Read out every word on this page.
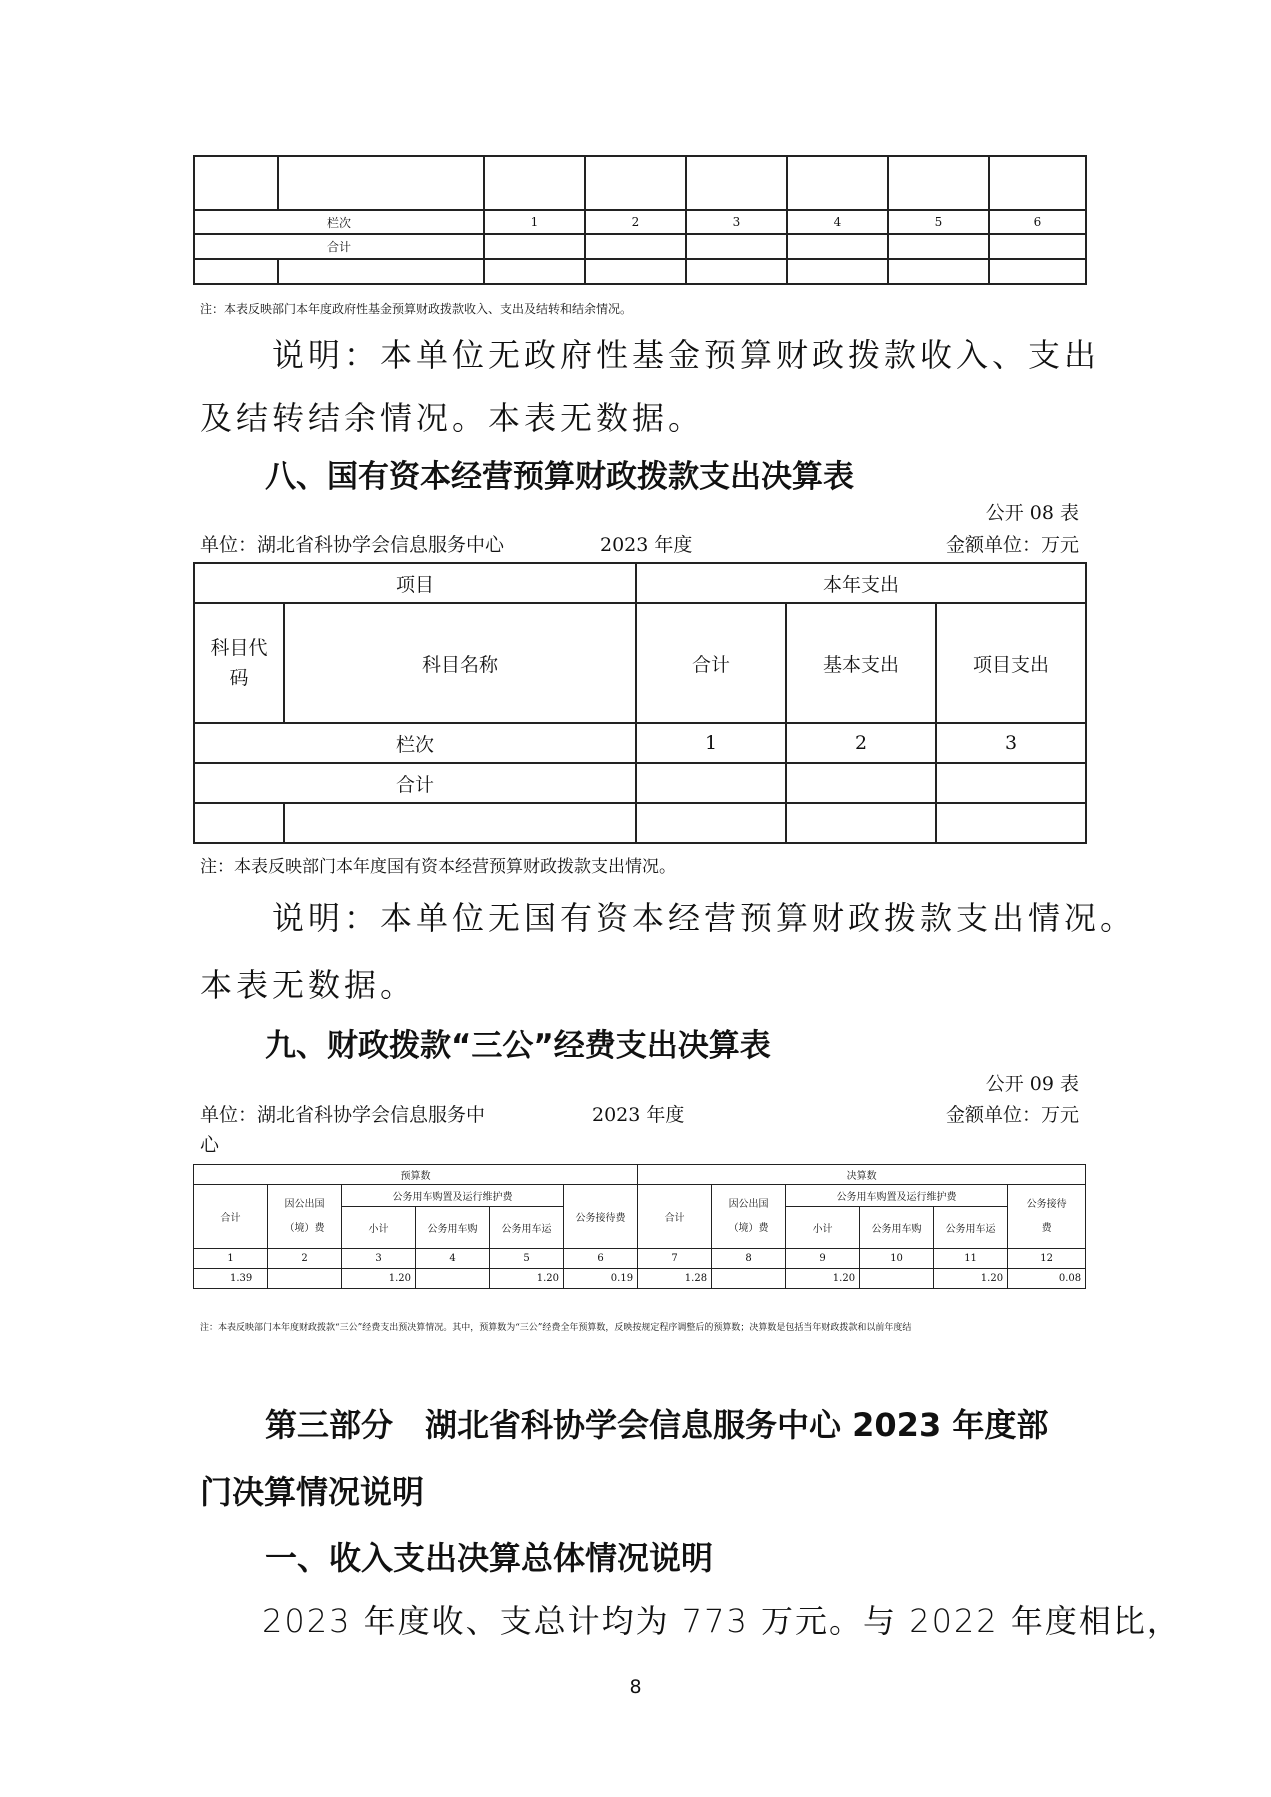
栏次		1	2	3	4	5	6
合计							

注：本表反映部门本年度政府性基金预算财政拨款收入、支出及结转和结余情况。
说明：本单位无政府性基金预算财政拨款收入、支出
及结转结余情况。本表无数据。
八、国有资本经营预算财政拨款支出决算表
公开 08 表
单位：湖北省科协学会信息服务中心	2023 年度	金额单位：万元
项目		本年支出		
科目代码	科目名称	合计	基本支出	项目支出
栏次		1	2	3
合计				

注：本表反映部门本年度国有资本经营预算财政拨款支出情况。
说明：本单位无国有资本经营预算财政拨款支出情况。
本表无数据。
九、财政拨款“三公”经费支出决算表
公开 09 表
单位：湖北省科协学会信息服务中
心
2023 年度	金额单位：万元
预算数						决算数					
合计	因公出国
（境）费	公务用车购置及运行维护费			公务接待费	合计	因公出国
（境）费	公务用车购置及运行维护费			公务接待
费
		小计	公务用车购	公务用车运				小计	公务用车购	公务用车运	
1	2	3	4	5	6	7	8	9	10	11	12
1.39		1.20		1.20	0.19	1.28		1.20		1.20	0.08
注：本表反映部门本年度财政拨款“三公”经费支出预决算情况。其中，预算数为“三公”经费全年预算数，反映按规定程序调整后的预算数；决算数是包括当年财政拨款和以前年度结
第三部分　湖北省科协学会信息服务中心 2023 年度部
门决算情况说明
一、收入支出决算总体情况说明
2023 年度收、支总计均为 773 万元。与 2022 年度相比，
8
